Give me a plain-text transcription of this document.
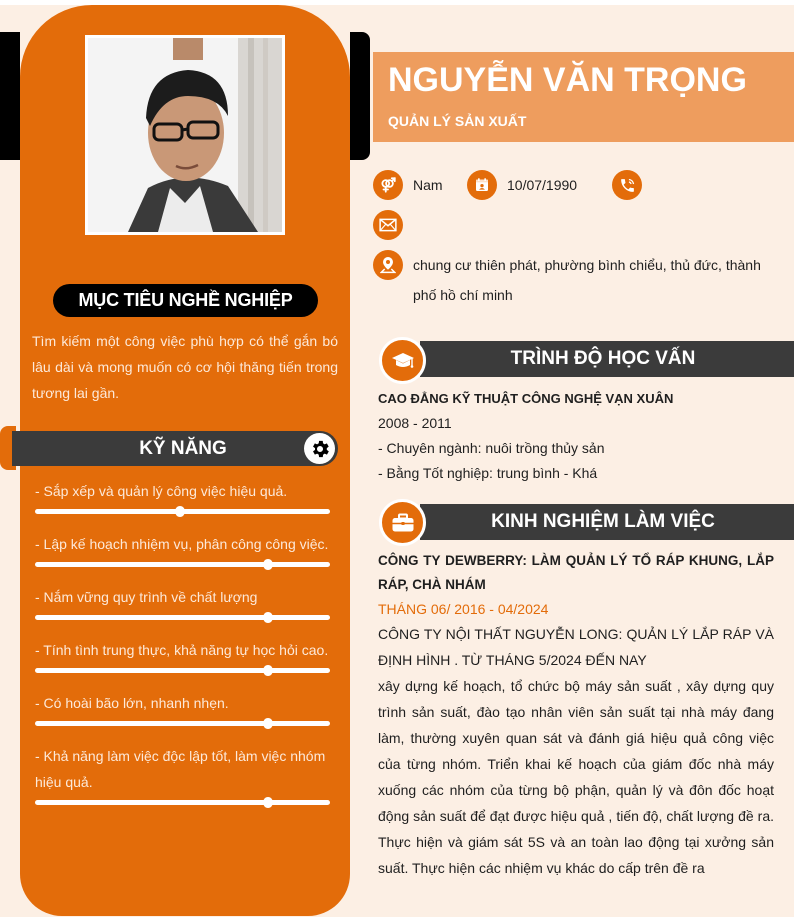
MỤC TIÊU NGHỀ NGHIỆP
Tìm kiếm một công việc phù hợp có thể gắn bó lâu dài và mong muốn có cơ hội thăng tiến trong tương lai gần.
KỸ NĂNG
- Sắp xếp và quản lý công việc hiệu quả.
- Lập kế hoạch nhiệm vụ, phân công công việc.
- Nắm vững quy trình về chất lượng
- Tính tình trung thực, khả năng tự học hỏi cao.
- Có hoài bão lớn, nhanh nhẹn.
- Khả năng làm việc độc lập tốt, làm việc nhóm hiệu quả.
NGUYỄN VĂN TRỌNG
QUẢN LÝ SẢN XUẤT
Nam	10/07/1990
chung cư thiên phát, phường bình chiểu, thủ đức, thành phố hồ chí minh
TRÌNH ĐỘ HỌC VẤN
CAO ĐẲNG KỸ THUẬT CÔNG NGHỆ VẠN XUÂN
2008 - 2011
- Chuyên ngành: nuôi trồng thủy sản
- Bằng Tốt nghiệp: trung bình - Khá
KINH NGHIỆM LÀM VIỆC
CÔNG TY DEWBERRY: LÀM QUẢN LÝ TỔ RÁP KHUNG, LẮP RÁP, CHÀ NHÁM
THÁNG 06/ 2016 - 04/2024
CÔNG TY NỘI THẤT NGUYỄN LONG: QUẢN LÝ LẮP RÁP VÀ ĐỊNH HÌNH . TỪ THÁNG 5/2024 ĐẾN NAY
xây dựng kế hoạch, tổ chức bộ máy sản suất , xây dựng quy trình sản suất, đào tạo nhân viên sản suất tại nhà máy đang làm, thường xuyên quan sát và đánh giá hiệu quả công việc của từng nhóm. Triển khai kế hoạch của giám đốc nhà máy xuống các nhóm của từng bộ phận, quản lý và đôn đốc hoạt động sản suất để đạt được hiệu quả , tiến độ, chất lượng đề ra. Thực hiện và giám sát 5S và an toàn lao động tại xưởng sản suất. Thực hiện các nhiệm vụ khác do cấp trên đề ra
